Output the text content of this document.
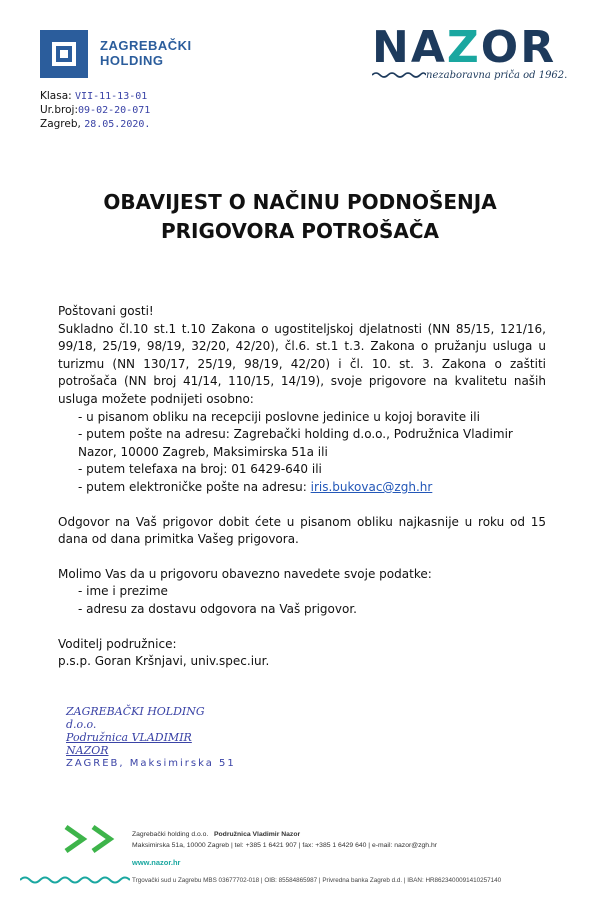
ZAGREBAČKI
HOLDING	NAZOR
nezaboravna priča od 1962.
Klasa: VII-11-13-01
Ur.broj:09-02-20-071
Zagreb, 28.05.2020.
OBAVIJEST O NAČINU PODNOŠENJA
PRIGOVORA POTROŠAČA

Poštovani gosti!

Sukladno čl.10 st.1 t.10 Zakona o ugostiteljskoj djelatnosti (NN 85/15, 121/16, 99/18, 25/19, 98/19, 32/20, 42/20), čl.6. st.1 t.3. Zakona o pružanju usluga u turizmu (NN 130/17, 25/19, 98/19, 42/20) i čl. 10. st. 3. Zakona o zaštiti potrošača (NN broj 41/14, 110/15, 14/19), svoje prigovore na kvalitetu naših usluga možete podnijeti osobno:

- u pisanom obliku na recepciji poslovne jedinice u kojoj boravite ili

- putem pošte na adresu: Zagrebački holding d.o.o., Podružnica Vladimir Nazor, 10000 Zagreb, Maksimirska 51a ili

- putem telefaxa na broj: 01 6429-640 ili

- putem elektroničke pošte na adresu: iris.bukovac@zgh.hr

Odgovor na Vaš prigovor dobit ćete u pisanom obliku najkasnije u roku od 15 dana od dana primitka Vašeg prigovora.

Molimo Vas da u prigovoru obavezno navedete svoje podatke:

- ime i prezime

- adresu za dostavu odgovora na Vaš prigovor.

Voditelj podružnice:

p.s.p. Goran Kršnjavi, univ.spec.iur.

ZAGREBAČKI HOLDING d.o.o.
Podružnica VLADIMIR NAZOR
ZAGREB, Maksimirska 51
Zagrebački holding d.o.o. Podružnica Vladimir Nazor
Maksimirska 51a, 10000 Zagreb | tel: +385 1 6421 907 | fax: +385 1 6429 640 | e-mail: nazor@zgh.hr
www.nazor.hr
Trgovački sud u Zagrebu MBS 03677702-018 | OIB: 85584865987 | Privredna banka Zagreb d.d. | IBAN: HR8623400091410257140
